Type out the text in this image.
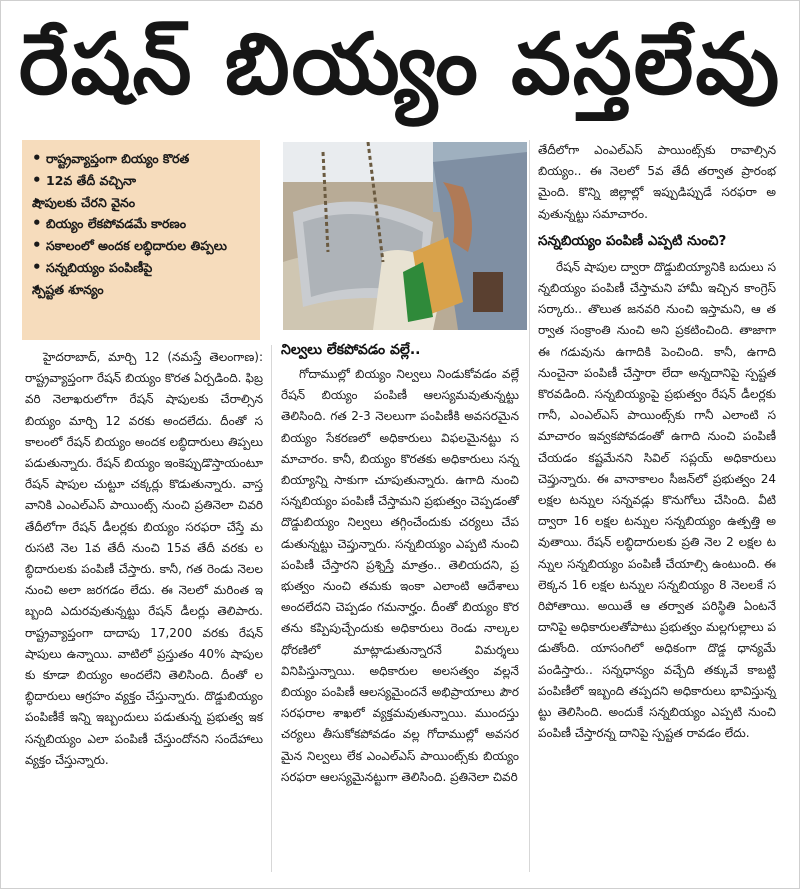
రేషన్ బియ్యం వస్తలేవు
• రాష్ట్రవ్యాప్తంగా బియ్యం కొరత
• 12వ తేదీ వచ్చినా
• షాపులకు చేరని వైనం
• బియ్యం లేకపోవడమే కారణం
• సకాలంలో అందక లబ్ధిదారుల తిప్పలు
• సన్నబియ్యం పంపిణీపై
• స్పష్టత శూన్యం
నిల్వలు లేకపోవడం వల్లే..

హైదరాబాద్, మార్చి 12 (నమస్తే తెలంగాణ): రాష్ట్రవ్యాప్తంగా రేషన్ బియ్యం కొరత ఏర్పడింది. ఫిబ్రవరి నెలాఖరులోగా రేషన్ షాపులకు చేరాల్సిన బియ్యం మార్చి 12 వరకు అందలేదు. దీంతో సకాలంలో రేషన్ బియ్యం అందక లబ్ధిదారులు తిప్పలు పడుతున్నారు. రేషన్ బియ్యం ఇంకెప్పుడొస్తాయంటూ రేషన్ షాపుల చుట్టూ చక్కర్లు కొడుతున్నారు. వాస్తవానికి ఎంఎల్ఎస్ పాయింట్స్ నుంచి ప్రతినెలా చివరి తేదీలోగా రేషన్ డీలర్లకు బియ్యం సరఫరా చేస్తే మరుసటి నెల 1వ తేదీ నుంచి 15వ తేదీ వరకు లబ్ధిదారులకు పంపిణీ చేస్తారు. కానీ, గత రెండు నెలల నుంచి అలా జరగడం లేదు. ఈ నెలలో మరింత ఇబ్బంది ఎదురవుతున్నట్టు రేషన్ డీలర్లు తెలిపారు. రాష్ట్రవ్యాప్తంగా దాదాపు 17,200 వరకు రేషన్ షాపులు ఉన్నాయి. వాటిలో ప్రస్తుతం 40% షాపులకు కూడా బియ్యం అందలేని తెలిసింది. దీంతో లబ్ధిదారులు ఆగ్రహం వ్యక్తం చేస్తున్నారు. దొడ్డుబియ్యం పంపిణీకే ఇన్ని ఇబ్బందులు పడుతున్న ప్రభుత్వ ఇక సన్నబియ్యం ఎలా పంపిణీ చేస్తుందోనని సందేహాలు వ్యక్తం చేస్తున్నారు.

గోదాముల్లో బియ్యం నిల్వలు నిండుకోవడం వల్లే రేషన్ బియ్యం పంపిణీ ఆలస్యమవుతున్నట్టు తెలిసింది. గత 2-3 నెలలుగా పంపిణీకి అవసరమైన బియ్యం సేకరణలో అధికారులు విఫలమైనట్టు సమాచారం. కానీ, బియ్యం కొరతకు అధికారులు సన్నబియ్యాన్ని సాకుగా చూపుతున్నారు. ఉగాది నుంచి సన్నబియ్యం పంపిణీ చేస్తామని ప్రభుత్వం చెప్పడంతో దొడ్డుబియ్యం నిల్వలు తగ్గించేందుకు చర్యలు చేపడుతున్నట్టు చెప్తున్నారు. సన్నబియ్యం ఎప్పటి నుంచి పంపిణీ చేస్తారని ప్రశ్నిస్తే మాత్రం.. తెలియదని, ప్రభుత్వం నుంచి తమకు ఇంకా ఎలాంటి ఆదేశాలు అందలేదని చెప్పడం గమనార్హం. దీంతో బియ్యం కొరతను కప్పిపుచ్చేందుకు అధికారులు రెండు నాల్కల ధోరణిలో మాట్లాడుతున్నారనే విమర్శలు వినిపిస్తున్నాయి. అధికారుల అలసత్వం వల్లనే బియ్యం పంపిణీ ఆలస్యమైందనే అభిప్రాయాలు పౌరసరఫరాల శాఖలో వ్యక్తమవుతున్నాయి. ముందస్తు చర్యలు తీసుకోకపోవడం వల్ల గోదాముల్లో అవసరమైన నిల్వలు లేక ఎంఎల్ఎస్ పాయింట్స్‌కు బియ్యం సరఫరా ఆలస్యమైనట్టుగా తెలిసింది. ప్రతినెలా చివరి

తేదీలోగా ఎంఎల్ఎస్ పాయింట్స్‌కు రావాల్సిన బియ్యం.. ఈ నెలలో 5వ తేదీ తర్వాత ప్రారంభమైంది. కొన్ని జిల్లాల్లో ఇప్పుడిప్పుడే సరఫరా అవుతున్నట్టు సమాచారం.

సన్నబియ్యం పంపిణీ ఎప్పటి నుంచి?

రేషన్ షాపుల ద్వారా దొడ్డుబియ్యానికి బదులు సన్నబియ్యం పంపిణీ చేస్తామని హామీ ఇచ్చిన కాంగ్రెస్ సర్కారు.. తొలుత జనవరి నుంచి ఇస్తామని, ఆ తర్వాత సంక్రాంతి నుంచి అని ప్రకటించింది. తాజాగా ఈ గడువును ఉగాదికి పెంచింది. కానీ, ఉగాది నుంచైనా పంపిణీ చేస్తారా లేదా అన్నదానిపై స్పష్టత కొరవడింది. సన్నబియ్యంపై ప్రభుత్వం రేషన్ డీలర్లకు గానీ, ఎంఎల్ఎస్ పాయింట్స్‌కు గానీ ఎలాంటి సమాచారం ఇవ్వకపోవడంతో ఉగాది నుంచి పంపిణీ చేయడం కష్టమేనని సివిల్ సప్లయ్ అధికారులు చెప్తున్నారు. ఈ వానాకాలం సీజన్‌లో ప్రభుత్వం 24 లక్షల టన్నుల సన్నవడ్లు కొనుగోలు చేసింది. వీటి ద్వారా 16 లక్షల టన్నుల సన్నబియ్యం ఉత్పత్తి అవుతాయి. రేషన్ లబ్ధిదారులకు ప్రతి నెల 2 లక్షల టన్నుల సన్నబియ్యం పంపిణీ చేయాల్సి ఉంటుంది. ఈ లెక్కన 16 లక్షల టన్నుల సన్నబియ్యం 8 నెలలకే సరిపోతాయి. అయితే ఆ తర్వాత పరిస్థితి ఏంటనే దానిపై అధికారులతోపాటు ప్రభుత్వం మల్లగుల్లాలు పడుతోంది. యాసంగిలో అధికంగా దొడ్డ ధాన్యమే పండిస్తారు.. సన్నధాన్యం వచ్చేది తక్కువే కాబట్టి పంపిణీలో ఇబ్బంది తప్పదని అధికారులు భావిస్తున్నట్టు తెలిసింది. అందుకే సన్నబియ్యం ఎప్పటి నుంచి పంపిణీ చేస్తారన్న దానిపై స్పష్టత రావడం లేదు.
